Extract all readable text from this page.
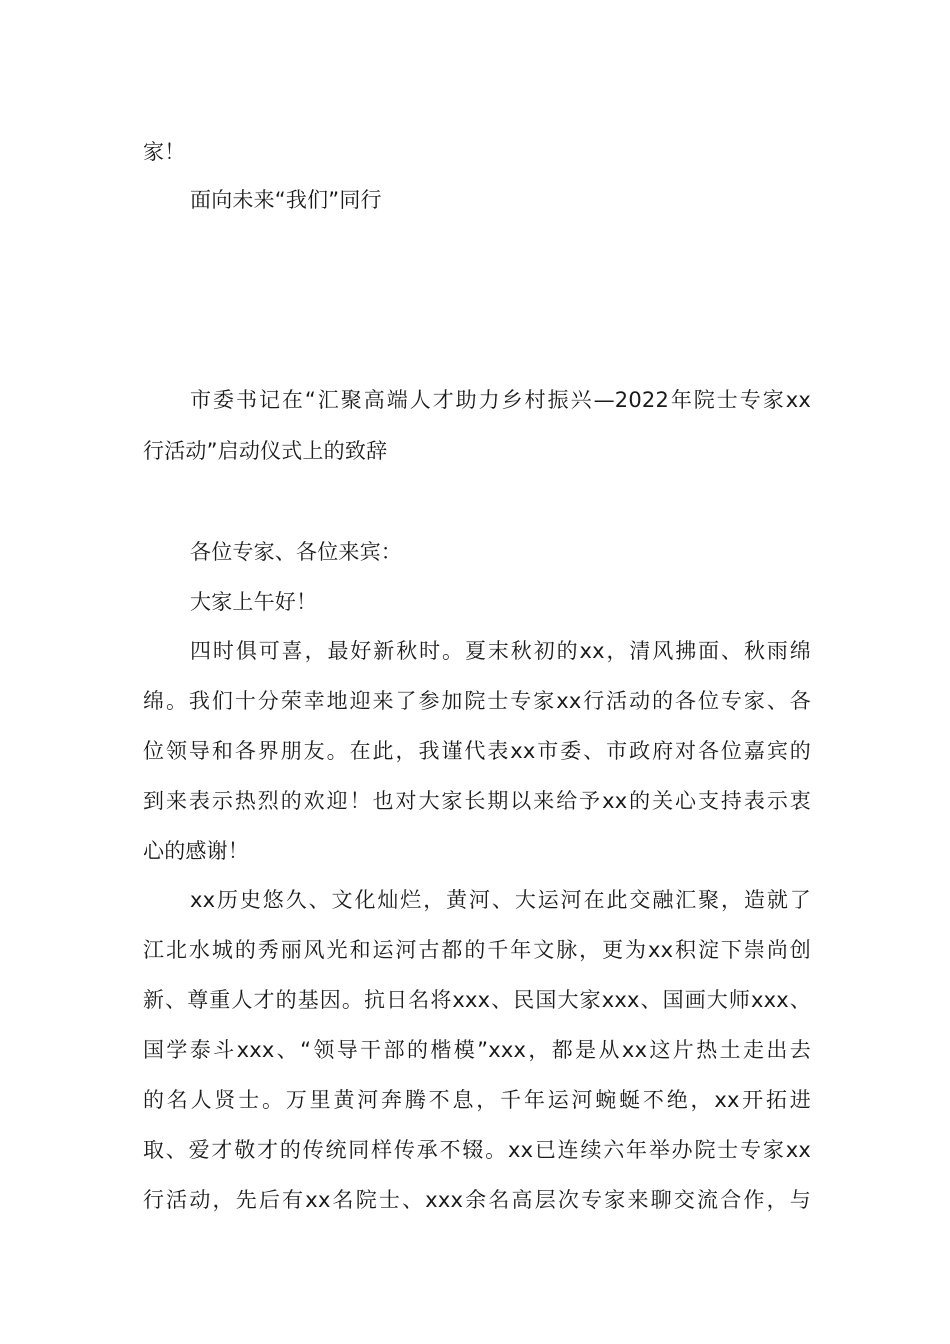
家！
面向未来“我们”同行
市委书记在“汇聚高端人才助力乡村振兴—2022年院士专家xx
行活动”启动仪式上的致辞
各位专家、各位来宾：
大家上午好！
四时俱可喜，最好新秋时。夏末秋初的xx，清风拂面、秋雨绵
绵。我们十分荣幸地迎来了参加院士专家xx行活动的各位专家、各
位领导和各界朋友。在此，我谨代表xx市委、市政府对各位嘉宾的
到来表示热烈的欢迎！也对大家长期以来给予xx的关心支持表示衷
心的感谢！
xx历史悠久、文化灿烂，黄河、大运河在此交融汇聚，造就了
江北水城的秀丽风光和运河古都的千年文脉，更为xx积淀下崇尚创
新、尊重人才的基因。抗日名将xxx、民国大家xxx、国画大师xxx、
国学泰斗xxx、“领导干部的楷模”xxx，都是从xx这片热土走出去
的名人贤士。万里黄河奔腾不息，千年运河蜿蜒不绝，xx开拓进
取、爱才敬才的传统同样传承不辍。xx已连续六年举办院士专家xx
行活动，先后有xx名院士、xxx余名高层次专家来聊交流合作，与
